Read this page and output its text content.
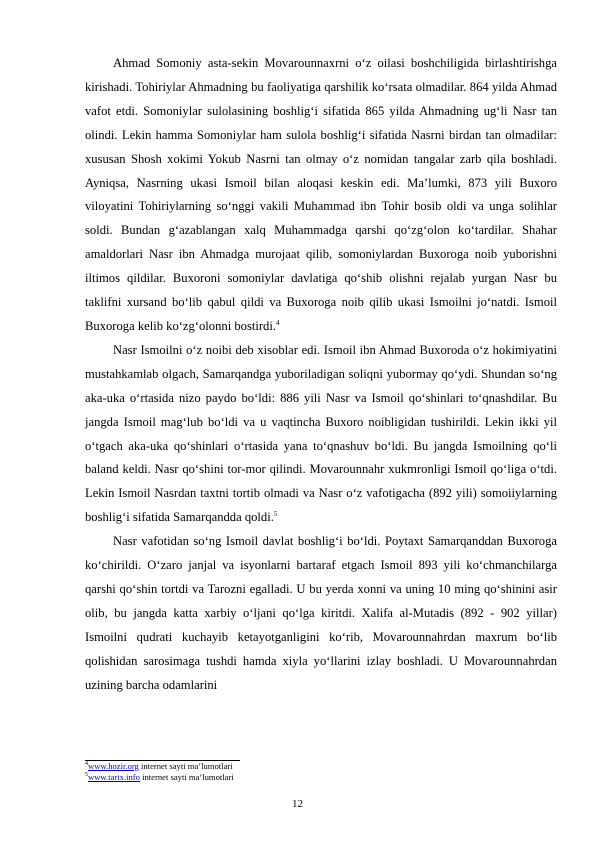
Ahmad Somoniy asta-sekin Movarounnaxrni o‘z oilasi boshchiligida birlashtirishga kirishadi. Tohiriylar Ahmadning bu faoliyatiga qarshilik ko‘rsata olmadilar. 864 yilda Ahmad vafot etdi. Somoniylar sulolasining boshlig‘i sifatida 865 yilda Ahmadning ug‘li Nasr tan olindi. Lekin hamma Somoniylar ham sulola boshlig‘i sifatida Nasrni birdan tan olmadilar: xususan Shosh xokimi Yokub Nasrni tan olmay o‘z nomidan tangalar zarb qila boshladi. Ayniqsa, Nasrning ukasi Ismoil bilan aloqasi keskin edi. Ma’lumki, 873 yili Buxoro viloyatini Tohiriylarning so‘nggi vakili Muhammad ibn Tohir bosib oldi va unga solihlar soldi. Bundan g‘azablangan xalq Muhammadga qarshi qo‘zg‘olon ko‘tardilar. Shahar amaldorlari Nasr ibn Ahmadga murojaat qilib, somoniylardan Buxoroga noib yuborishni iltimos qildilar. Buxoroni somoniylar davlatiga qo‘shib olishni rejalab yurgan Nasr bu taklifni xursand bo‘lib qabul qildi va Buxoroga noib qilib ukasi Ismoilni jo‘natdi. Ismoil Buxoroga kelib ko‘zg‘olonni bostirdi.$^4$

Nasr Ismoilni o‘z noibi deb xisoblar edi. Ismoil ibn Ahmad Buxoroda o‘z hokimiyatini mustahkamlab olgach, Samarqandga yuboriladigan soliqni yubormay qo‘ydi. Shundan so‘ng aka-uka o‘rtasida nizo paydo bo‘ldi: 886 yili Nasr va Ismoil qo‘shinlari to‘qnashdilar. Bu jangda Ismoil mag‘lub bo‘ldi va u vaqtincha Buxoro noibligidan tushirildi. Lekin ikki yil o‘tgach aka-uka qo‘shinlari o‘rtasida yana to‘qnashuv bo‘ldi. Bu jangda Ismoilning qo‘li baland keldi. Nasr qo‘shini tor-mor qilindi. Movarounnahr xukmronligi Ismoil qo‘liga o‘tdi. Lekin Ismoil Nasrdan taxtni tortib olmadi va Nasr o‘z vafotigacha (892 yili) somoiiylarning boshlig‘i sifatida Samarqandda qoldi.$^5$

Nasr vafotidan so‘ng Ismoil davlat boshlig‘i bo‘ldi. Poytaxt Samarqanddan Buxoroga ko‘chirildi. O‘zaro janjal va isyonlarni bartaraf etgach Ismoil 893 yili ko‘chmanchilarga qarshi qo‘shin tortdi va Tarozni egalladi. U bu yerda xonni va uning 10 ming qo‘shinini asir olib, bu jangda katta xarbiy o‘ljani qo‘lga kiritdi. Xalifa al-Mutadis (892 - 902 yillar) Ismoilni qudrati kuchayib ketayotganligini ko‘rib, Movarounnahrdan maxrum bo‘lib qolishidan sarosimaga tushdi hamda xiyla yo‘llarini izlay boshladi. U Movarounnahrdan uzining barcha odamlarini

$^4$www.hozir.org internet sayti ma’lumotlari

$^5$www.tarix.info internet sayti ma’lumotlari

12
